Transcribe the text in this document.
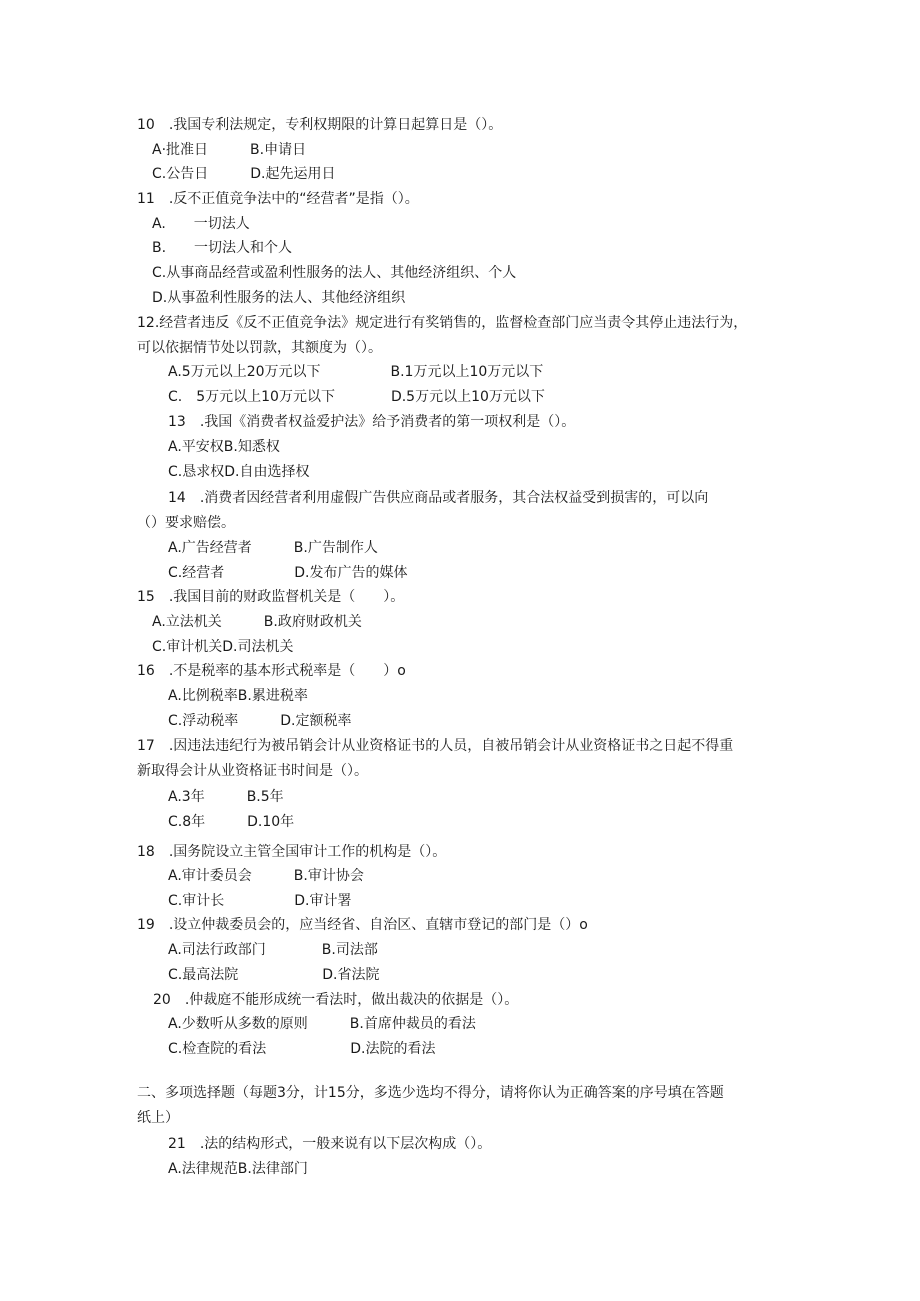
10　.我国专利法规定，专利权期限的计算日起算日是（）。
A·批准日　　　B.申请日
C.公告日　　　D.起先运用日
11　.反不正值竞争法中的“经营者”是指（）。
A.　　一切法人
B.　　一切法人和个人
C.从事商品经营或盈利性服务的法人、其他经济组织、个人
D.从事盈利性服务的法人、其他经济组织
12.经营者违反《反不正值竞争法》规定进行有奖销售的，监督检查部门应当责令其停止违法行为，
可以依据情节处以罚款，其额度为（）。
A.5万元以上20万元以下　　　　　B.1万元以上10万元以下
C.　5万元以上10万元以下　　　　D.5万元以上10万元以下
13　.我国《消费者权益爱护法》给予消费者的第一项权利是（）。
A.平安权B.知悉权
C.恳求权D.自由选择权
14　.消费者因经营者利用虚假广告供应商品或者服务，其合法权益受到损害的，可以向
（）要求赔偿。
A.广告经营者　　　B.广告制作人
C.经营者　　　　　D.发布广告的媒体
15　.我国目前的财政监督机关是（　　）。
A.立法机关　　　B.政府财政机关
C.审计机关D.司法机关
16　.不是税率的基本形式税率是（　　）o
A.比例税率B.累进税率
C.浮动税率　　　D.定额税率
17　.因违法违纪行为被吊销会计从业资格证书的人员，自被吊销会计从业资格证书之日起不得重
新取得会计从业资格证书时间是（）。
A.3年　　　B.5年
C.8年　　　D.10年
18　.国务院设立主管全国审计工作的机构是（）。
A.审计委员会　　　B.审计协会
C.审计长　　　　　D.审计署
19　.设立仲裁委员会的，应当经省、自治区、直辖市登记的部门是（）o
A.司法行政部门　　　　B.司法部
C.最高法院　　　　　　D.省法院
20　.仲裁庭不能形成统一看法时，做出裁决的依据是（）。
A.少数听从多数的原则　　　B.首席仲裁员的看法
C.检查院的看法　　　　　　D.法院的看法
二、多项选择题（每题3分，计15分，多选少选均不得分，请将你认为正确答案的序号填在答题
纸上）
21　.法的结构形式，一般来说有以下层次构成（）。
A.法律规范B.法律部门
